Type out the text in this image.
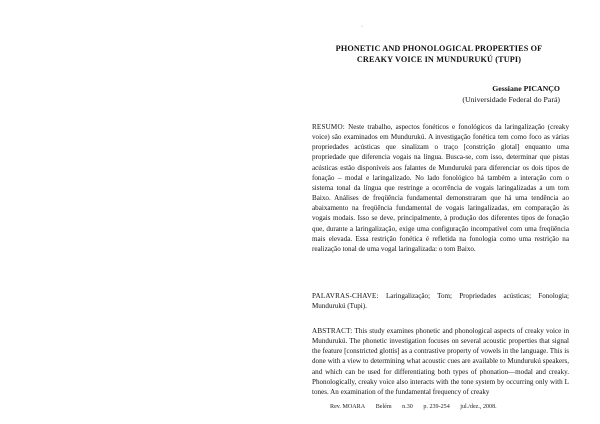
·
PHONETIC AND PHONOLOGICAL PROPERTIES OF CREAKY VOICE IN MUNDURUKÚ (TUPI)
Gessiane PICANÇO
(Universidade Federal do Pará)

RESUMO: Neste trabalho, aspectos fonéticos e fonológicos da laringalização (creaky voice) são examinados em Mundurukú. A investigação fonética tem como foco as várias propriedades acústicas que sinalizam o traço [constrição glotal] enquanto uma propriedade que diferencia vogais na língua. Busca-se, com isso, determinar que pistas acústicas estão disponíveis aos falantes de Mundurukú para diferenciar os dois tipos de fonação – modal e laringalizado. No lado fonológico há também a interação com o sistema tonal da língua que restringe a ocorrência de vogais laringalizadas a um tom Baixo. Análises de freqüência fundamental demonstraram que há uma tendência ao abaixamento na freqüência fundamental de vogais laringalizadas, em comparação às vogais modais. Isso se deve, principalmente, à produção dos diferentes tipos de fonação que, durante a laringalização, exige uma configuração incompatível com uma freqüência mais elevada. Essa restrição fonética é refletida na fonologia como uma restrição na realização tonal de uma vogal laringalizada: o tom Baixo.

PALAVRAS-CHAVE: Laringalização; Tom; Propriedades acústicas; Fonologia; Mundurukú (Tupi).

ABSTRACT: This study examines phonetic and phonological aspects of creaky voice in Mundurukú. The phonetic investigation focuses on several acoustic properties that signal the feature [constricted glottis] as a contrastive property of vowels in the language. This is done with a view to determining what acoustic cues are available to Mundurukú speakers, and which can be used for differentiating both types of phonation—modal and creaky. Phonologically, creaky voice also interacts with the tone system by occurring only with L tones. An examination of the fundamental frequency of creaky

Rev. MOARA Belém n.30 p. 239-254 jul./dez., 2008.
